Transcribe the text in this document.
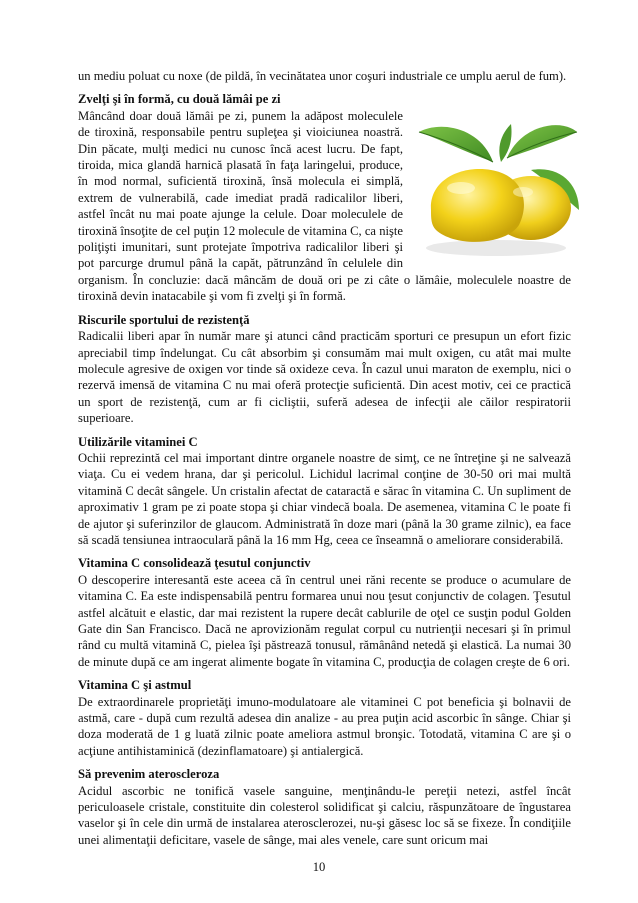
un mediu poluat cu noxe (de pildă, în vecinătatea unor coşuri industriale ce umplu aerul de fum).

Zvelţi şi în formă, cu două lămâi pe zi

Mâncând doar două lămâi pe zi, punem la adăpost moleculele de tiroxină, responsabile pentru supleţea şi vioiciunea noastră. Din păcate, mulţi medici nu cunosc încă acest lucru. De fapt, tiroida, mica glandă harnică plasată în faţa laringelui, produce, în mod normal, suficientă tiroxină, însă molecula ei simplă, extrem de vulnerabilă, cade imediat pradă radicalilor liberi, astfel încât nu mai poate ajunge la celule. Doar moleculele de tiroxină însoţite de cel puţin 12 molecule de vitamina C, ca nişte poliţişti imunitari, sunt protejate împotriva radicalilor liberi şi pot parcurge drumul până la capăt, pătrunzând în celulele din organism. În concluzie: dacă mâncăm de două ori pe zi câte o lămâie, moleculele noastre de tiroxină devin inatacabile şi vom fi zvelţi şi în formă.

Riscurile sportului de rezistenţă

Radicalii liberi apar în număr mare şi atunci când practicăm sporturi ce presupun un efort fizic apreciabil timp îndelungat. Cu cât absorbim şi consumăm mai mult oxigen, cu atât mai multe molecule agresive de oxigen vor tinde să oxideze ceva. În cazul unui maraton de exemplu, nici o rezervă imensă de vitamina C nu mai oferă protecţie suficientă. Din acest motiv, cei ce practică un sport de rezistenţă, cum ar fi cicliştii, suferă adesea de infecţii ale căilor respiratorii superioare.

Utilizările vitaminei C

Ochii reprezintă cel mai important dintre organele noastre de simţ, ce ne întreţine şi ne salvează viaţa. Cu ei vedem hrana, dar şi pericolul. Lichidul lacrimal conţine de 30-50 ori mai multă vitamină C decât sângele. Un cristalin afectat de cataractă e sărac în vitamina C. Un supliment de aproximativ 1 gram pe zi poate stopa şi chiar vindecă boala. De asemenea, vitamina C le poate fi de ajutor şi suferinzilor de glaucom. Administrată în doze mari (până la 30 grame zilnic), ea face să scadă tensiunea intraoculară până la 16 mm Hg, ceea ce înseamnă o ameliorare considerabilă.

Vitamina C consolidează ţesutul conjunctiv

O descoperire interesantă este aceea că în centrul unei răni recente se produce o acumulare de vitamina C. Ea este indispensabilă pentru formarea unui nou ţesut conjunctiv de colagen. Ţesutul astfel alcătuit e elastic, dar mai rezistent la rupere decât cablurile de oţel ce susţin podul Golden Gate din San Francisco. Dacă ne aprovizionăm regulat corpul cu nutrienţii necesari şi în primul rând cu multă vitamină C, pielea îşi păstrează tonusul, rămânând netedă şi elastică. La numai 30 de minute după ce am ingerat alimente bogate în vitamina C, producţia de colagen creşte de 6 ori.

Vitamina C şi astmul

De extraordinarele proprietăţi imuno-modulatoare ale vitaminei C pot beneficia şi bolnavii de astmă, care - după cum rezultă adesea din analize - au prea puţin acid ascorbic în sânge. Chiar şi doza moderată de 1 g luată zilnic poate ameliora astmul bronşic. Totodată, vitamina C are şi o acţiune antihistaminică (dezinflamatoare) şi antialergică.

Să prevenim ateroscleroza

Acidul ascorbic ne tonifică vasele sanguine, menţinându-le pereţii netezi, astfel încât periculoasele cristale, constituite din colesterol solidificat şi calciu, răspunzătoare de îngustarea vaselor şi în cele din urmă de instalarea aterosclerozei, nu-şi găsesc loc să se fixeze. În condiţiile unei alimentaţii deficitare, vasele de sânge, mai ales venele, care sunt oricum mai

10
